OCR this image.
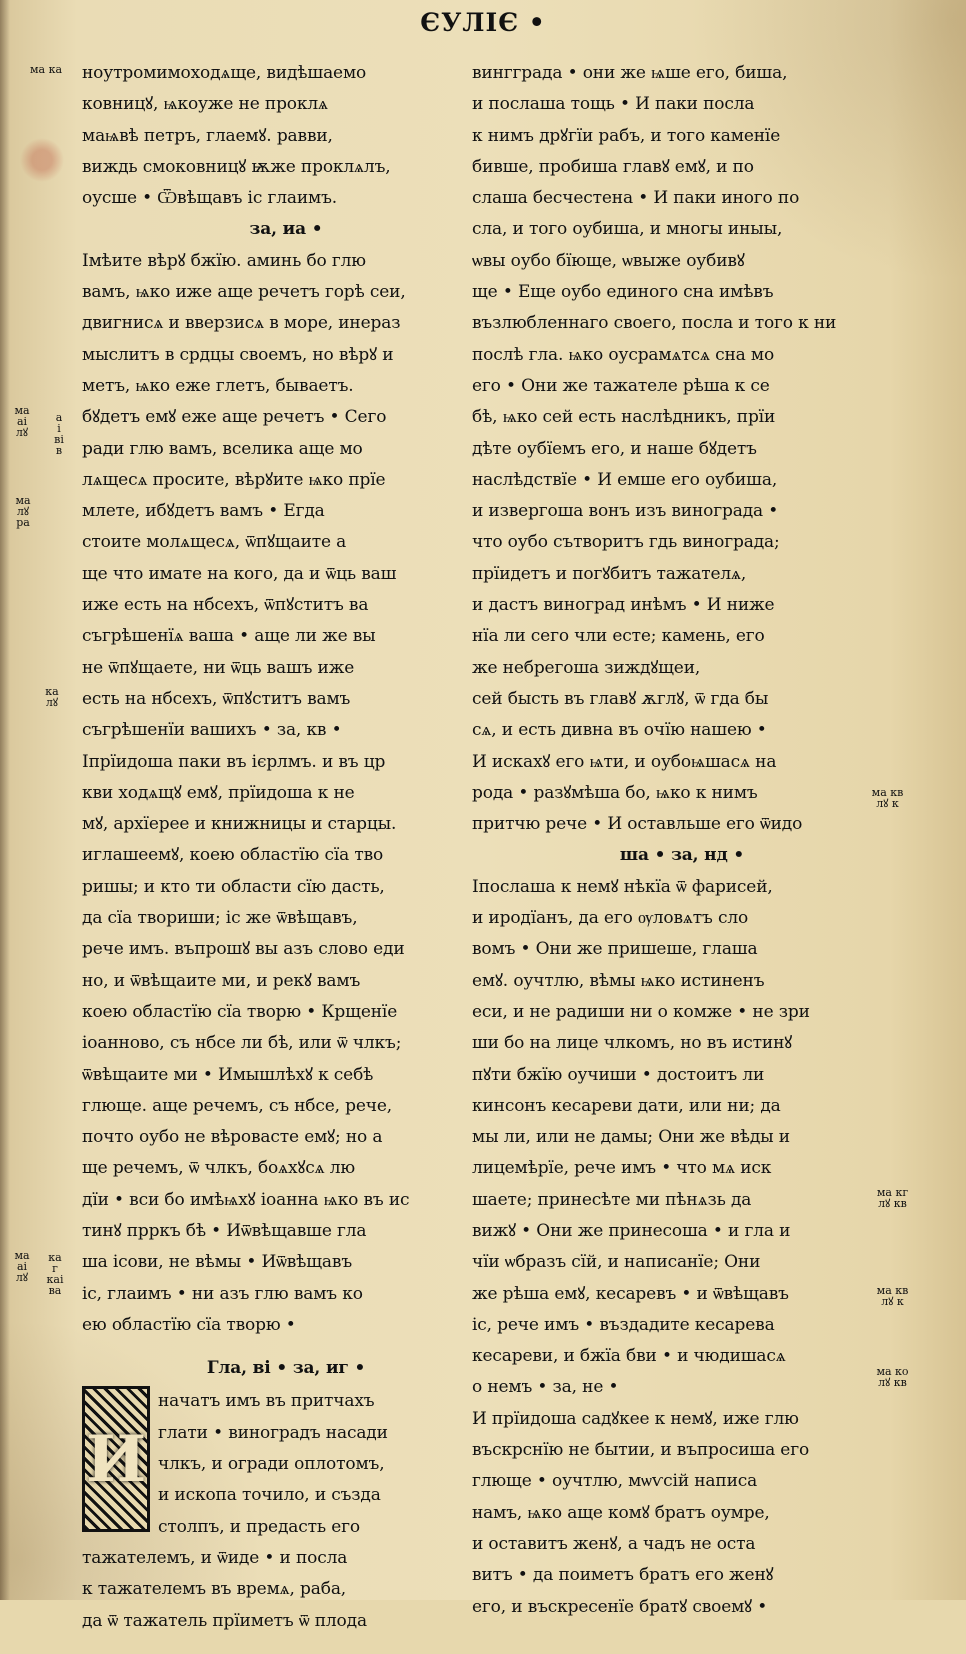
ЄУЛІЄ •
ма ка
ма
аі
лꙋ
а
і
ві
в
ма
лꙋ
ра
ка
лꙋ
ма
аі
лꙋ
ка
г
каі
ва
ма кв
лꙋ к
ма кг
лꙋ кв
ма кв
лꙋ к
ма ко
лꙋ кв
ноутромимоходѧще, видѣшаемо
ковницꙋ, ѩкоуже не проклѧ
маѩвѣ петръ, глаемꙋ. равви,
виждь смоковницꙋ ѭже проклѧлъ,
оусше • Ѿвѣщавъ іс глаимъ.
за, иа •
Імѣите вѣрꙋ бжїю. аминь бо глю
вамъ, ѩко иже аще речетъ горѣ сеи,
двигнисѧ и вверзисѧ в море, инераз
мыслитъ в срдцы своемъ, но вѣрꙋ и
метъ, ѩко еже глетъ, бываетъ.
бꙋдетъ емꙋ еже аще речетъ • Сего
ради глю вамъ, вселика аще мо
лѧщесѧ просите, вѣрꙋите ѩко прїе
млете, ибꙋдетъ вамъ • Егда
стоите молѧщесѧ, ѿпꙋщаите а
ще что имате на кого, да и ѿць ваш
иже есть на нбсехъ, ѿпꙋститъ ва
съгрѣшенїѧ ваша • аще ли же вы
не ѿпꙋщаете, ни ѿць вашъ иже
есть на нбсехъ, ѿпꙋститъ вамъ
съгрѣшенїи вашихъ • за, кв •
Іпрїидоша паки въ ієрлмъ. и въ цр
кви ходѧщꙋ емꙋ, прїидоша к не
мꙋ, архїерее и книжницы и старцы.
иглашеемꙋ, коею областїю сїа тво
ришы; и кто ти области сїю дасть,
да сїа твориши; іс же ѿвѣщавъ,
рече имъ. въпрошꙋ вы азъ слово еди
но, и ѿвѣщаите ми, и рекꙋ вамъ
коею областїю сїа творю • Крщенїе
іоанново, съ нбсе ли бѣ, или ѿ члкъ;
ѿвѣщаите ми • Имышлѣхꙋ к себѣ
глюще. аще речемъ, съ нбсе, рече,
почто оубо не вѣровасте емꙋ; но а
ще речемъ, ѿ члкъ, боѧхꙋсѧ лю
дїи • вси бо имѣѩхꙋ іоанна ѩко въ ис
тинꙋ прркъ бѣ • Иѿвѣщавше гла
ша ісови, не вѣмы • Иѿвѣщавъ
іс, глаимъ • ни азъ глю вамъ ко
ею областїю сїа творю •
Гла, ві • за, иг •
И
начатъ имъ въ притчахъ
глати • виноградъ насади
члкъ, и огради оплотомъ,
и ископа точило, и създа
столпъ, и предасть его
тажателемъ, и ѿиде • и посла
к тажателемъ въ времѧ, раба,
да ѿ тажатель прїиметъ ѿ плода
вингграда • они же ѩше его, биша,
и послаша тощь • И паки посла
к нимъ дрꙋгїи рабъ, и того каменїе
бивше, пробиша главꙋ емꙋ, и по
слаша бесчестена • И паки иного по
сла, и того оубиша, и многы иныы,
ѡвы оубо бїюще, ѡвыже оубивꙋ
ще • Еще оубо единого сна имѣвъ
възлюбленнаго своего, посла и того к ни
послѣ гла. ѩко оусрамѧтсѧ сна мо
его • Они же тажателе рѣша к се
бѣ, ѩко сей есть наслѣдникъ, прїи
дѣте оубїемъ его, и наше бꙋдетъ
наслѣдствїе • И емше его оубиша,
и извергоша вонъ изъ винограда •
что оубо сътворитъ гдь винограда;
прїидетъ и погꙋбитъ тажателѧ,
и дастъ виноград инѣмъ • И ниже
нїа ли сего чли есте; камень, его
же небрегоша зиждꙋщеи,
сей бысть въ главꙋ ѫглꙋ, ѿ гда бы
сѧ, и есть дивна въ очїю нашею •
И искахꙋ его ѩти, и оубоѩшасѧ на
рода • разꙋмѣша бо, ѩко к нимъ
притчю рече • И оставльше его ѿидо
ша • за, нд •
Іпослаша к немꙋ нѣкїа ѿ фарисей,
и иродїанъ, да его ѹловѧтъ сло
вомъ • Они же пришеше, глаша
емꙋ. оучтлю, вѣмы ѩко истиненъ
еси, и не радиши ни о комже • не зри
ши бо на лице члкомъ, но въ истинꙋ
пꙋти бжїю оучиши • достоитъ ли
кинсонъ кесареви дати, или ни; да
мы ли, или не дамы; Они же вѣды и
лицемѣрїе, рече имъ • что мѧ иск
шаете; принесѣте ми пѣнѧзь да
вижꙋ • Они же принесоша • и гла и
чїи ѡбразъ сїй, и написанїе; Они
же рѣша емꙋ, кесаревъ • и ѿвѣщавъ
іс, рече имъ • въздадите кесарева
кесареви, и бжїа бви • и чюдишасѧ
о немъ • за, не •
И прїидоша садꙋкее к немꙋ, иже глю
въскрснїю не бытии, и въпросиша его
глюще • оучтлю, мѡѵсій написа
намъ, ѩко аще комꙋ братъ оумре,
и оставитъ женꙋ, а чадъ не оста
витъ • да поиметъ братъ его женꙋ
его, и въскресенїе братꙋ своемꙋ •
